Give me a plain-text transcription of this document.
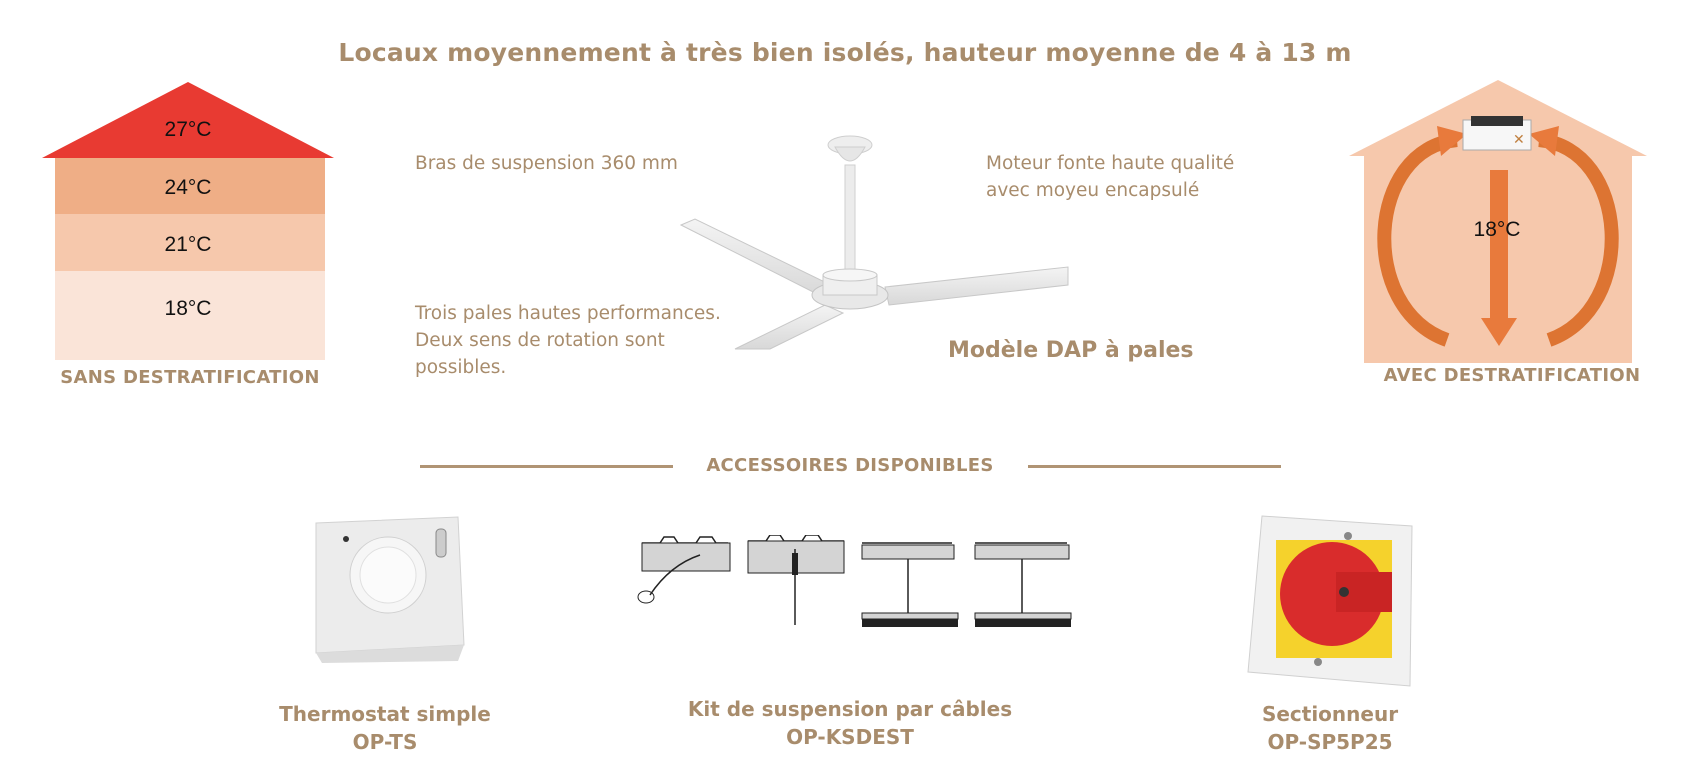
Locaux moyennement à très bien isolés, hauteur moyenne de 4 à 13 m
27°C
24°C
21°C
18°C
SANS DESTRATIFICATION
Bras de suspension 360 mm	Moteur fonte haute qualité
avec moyeu encapsulé
Trois pales hautes performances.
Deux sens de rotation sont
possibles.
Modèle DAP à pales
✕
18°C
AVEC DESTRATIFICATION
ACCESSOIRES DISPONIBLES
Thermostat simple
OP-TS
Kit de suspension par câbles
OP-KSDEST
Sectionneur
OP-SP5P25
